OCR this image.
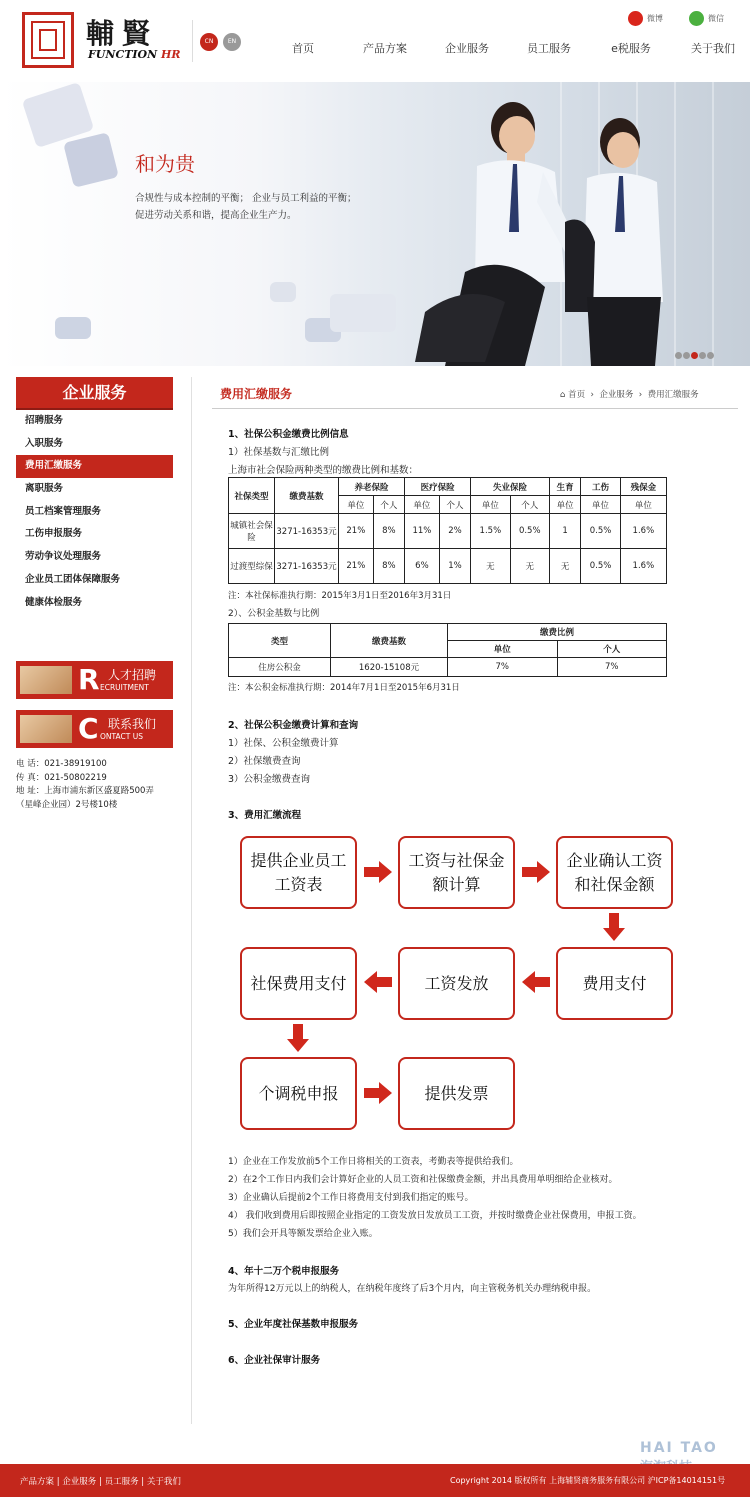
輔賢
FUNCTION HR
CN	EN
微博	微信
首页	产品方案	企业服务	员工服务	e税服务	关于我们
和为贵
合规性与成本控制的平衡； 企业与员工利益的平衡；
促进劳动关系和谐，提高企业生产力。
企业服务
招聘服务
入职服务
费用汇缴服务
离职服务
员工档案管理服务
工伤申报服务
劳动争议处理服务
企业员工团体保障服务
健康体检服务
R 人才招聘
ECRUITMENT
C 联系我们
ONTACT US
电 话：021-38919100
传 真：021-50802219
地 址：上海市浦东新区盛夏路500弄
（星峰企业园）2号楼10楼
费用汇缴服务	⌂ 首页  ›  企业服务  ›  费用汇缴服务
1、社保公积金缴费比例信息
1）社保基数与汇缴比例
上海市社会保险两种类型的缴费比例和基数：
社保类型	缴费基数	养老保险		医疗保险		失业保险		生育	工伤	残保金
		单位	个人	单位	个人	单位	个人	单位	单位	单位
城镇社会保险	3271-16353元	21%	8%	11%	2%	1.5%	0.5%	1	0.5%	1.6%
过渡型综保	3271-16353元	21%	8%	6%	1%	无	无	无	0.5%	1.6%
注：本社保标准执行期：2015年3月1日至2016年3月31日
2）、公积金基数与比例
类型	缴费基数	缴费比例	
		单位	个人
住房公积金	1620-15108元	7%	7%
注：本公积金标准执行期：2014年7月1日至2015年6月31日
2、社保公积金缴费计算和查询
1）社保、公积金缴费计算
2）社保缴费查询
3）公积金缴费查询
3、费用汇缴流程
提供企业员工工资表
工资与社保金额计算
企业确认工资和社保金额
费用支付
工资发放
社保费用支付
个调税申报	提供发票
1）企业在工作发放前5个工作日将相关的工资表，考勤表等提供给我们。
2）在2个工作日内我们会计算好企业的人员工资和社保缴费金额，并出具费用单明细给企业核对。
3）企业确认后提前2个工作日将费用支付到我们指定的账号。
4） 我们收到费用后即按照企业指定的工资发放日发放员工工资，并按时缴费企业社保费用，申报工资。
5）我们会开具等额发票给企业入账。
4、年十二万个税申报服务
为年所得12万元以上的纳税人，在纳税年度终了后3个月内，向主管税务机关办理纳税申报。
5、企业年度社保基数申报服务
6、企业社保审计服务
HAI TAO
产品方案 | 企业服务 | 员工服务 | 关于我们	Copyright 2014 版权所有 上海辅贤商务服务有限公司 沪ICP备14014151号
